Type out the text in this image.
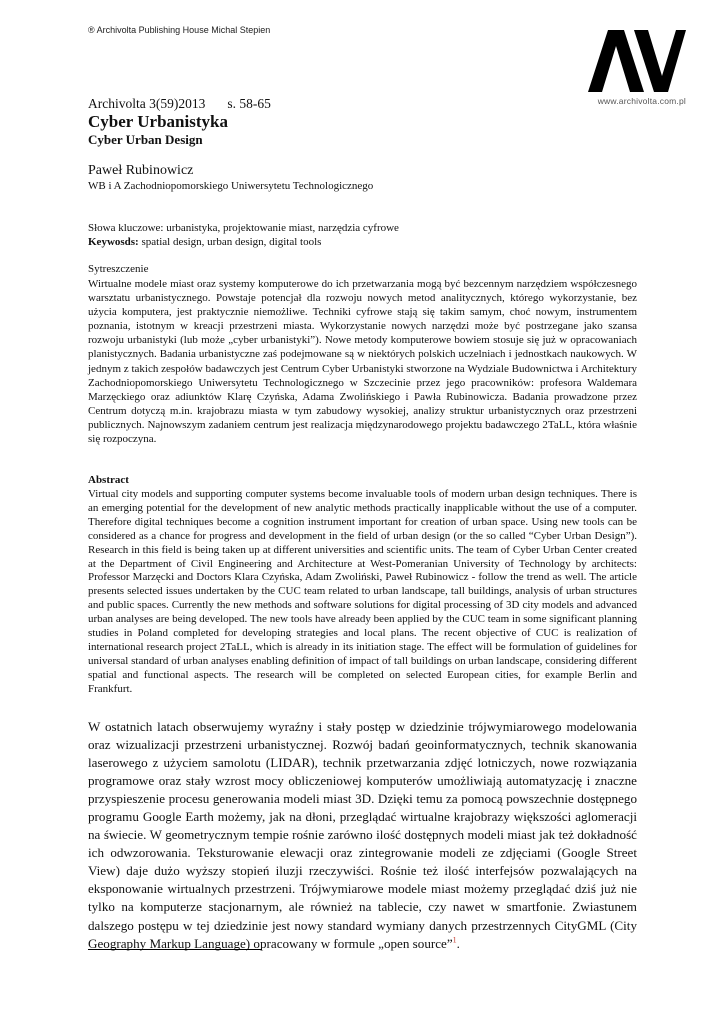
® Archivolta Publishing House Michal Stepien
www.archivolta.com.pl
Archivolta 3(59)2013 s. 58-65
Cyber Urbanistyka
Cyber Urban Design
Paweł Rubinowicz
WB i A Zachodniopomorskiego Uniwersytetu Technologicznego
Słowa kluczowe: urbanistyka, projektowanie miast, narzędzia cyfrowe
Keywosds: spatial design, urban design, digital tools
Sytreszczenie
Wirtualne modele miast oraz systemy komputerowe do ich przetwarzania mogą być bezcennym narzędziem współczesnego warsztatu urbanistycznego. Powstaje potencjał dla rozwoju nowych metod analitycznych, którego wykorzystanie, bez użycia komputera, jest praktycznie niemożliwe. Techniki cyfrowe stają się takim samym, choć nowym, instrumentem poznania, istotnym w kreacji przestrzeni miasta. Wykorzystanie nowych narzędzi może być postrzegane jako szansa rozwoju urbanistyki (lub może „cyber urbanistyki”). Nowe metody komputerowe bowiem stosuje się już w opracowaniach planistycznych. Badania urbanistyczne zaś podejmowane są w niektórych polskich uczelniach i jednostkach naukowych. W jednym z takich zespołów badawczych jest Centrum Cyber Urbanistyki stworzone na Wydziale Budownictwa i Architektury Zachodniopomorskiego Uniwersytetu Technologicznego w Szczecinie przez jego pracowników: profesora Waldemara Marzęckiego oraz adiunktów Klarę Czyńska, Adama Zwolińskiego i Pawła Rubinowicza. Badania prowadzone przez Centrum dotyczą m.in. krajobrazu miasta w tym zabudowy wysokiej, analizy struktur urbanistycznych oraz przestrzeni publicznych. Najnowszym zadaniem centrum jest realizacja międzynarodowego projektu badawczego 2TaLL, która właśnie się rozpoczyna.
Abstract
Virtual city models and supporting computer systems become invaluable tools of modern urban design techniques. There is an emerging potential for the development of new analytic methods practically inapplicable without the use of a computer. Therefore digital techniques become a cognition instrument important for creation of urban space. Using new tools can be considered as a chance for progress and development in the field of urban design (or the so called “Cyber Urban Design”). Research in this field is being taken up at different universities and scientific units. The team of Cyber Urban Center created at the Department of Civil Engineering and Architecture at West-Pomeranian University of Technology by architects: Professor Marzęcki and Doctors Klara Czyńska, Adam Zwoliński, Paweł Rubinowicz - follow the trend as well. The article presents selected issues undertaken by the CUC team related to urban landscape, tall buildings, analysis of urban structures and public spaces. Currently the new methods and software solutions for digital processing of 3D city models and advanced urban analyses are being developed. The new tools have already been applied by the CUC team in some significant planning studies in Poland completed for developing strategies and local plans. The recent objective of CUC is realization of international research project 2TaLL, which is already in its initiation stage. The effect will be formulation of guidelines for universal standard of urban analyses enabling definition of impact of tall buildings on urban landscape, considering different spatial and functional aspects. The research will be completed on selected European cities, for example Berlin and Frankfurt.
W ostatnich latach obserwujemy wyraźny i stały postęp w dziedzinie trójwymiarowego modelowania oraz wizualizacji przestrzeni urbanistycznej. Rozwój badań geoinformatycznych, technik skanowania laserowego z użyciem samolotu (LIDAR), technik przetwarzania zdjęć lotniczych, nowe rozwiązania programowe oraz stały wzrost mocy obliczeniowej komputerów umożliwiają automatyzację i znaczne przyspieszenie procesu generowania modeli miast 3D. Dzięki temu za pomocą powszechnie dostępnego programu Google Earth możemy, jak na dłoni, przeglądać wirtualne krajobrazy większości aglomeracji na świecie. W geometrycznym tempie rośnie zarówno ilość dostępnych modeli miast jak też dokładność ich odwzorowania. Teksturowanie elewacji oraz zintegrowanie modeli ze zdjęciami (Google Street View) daje dużo wyższy stopień iluzji rzeczywiści. Rośnie też ilość interfejsów pozwalających na eksponowanie wirtualnych przestrzeni. Trójwymiarowe modele miast możemy przeglądać dziś już nie tylko na komputerze stacjonarnym, ale również na tablecie, czy nawet w smartfonie. Zwiastunem dalszego postępu w tej dziedzinie jest nowy standard wymiany danych przestrzennych CityGML (City Geography Markup Language) opracowany w formule „open source”$^1$.
